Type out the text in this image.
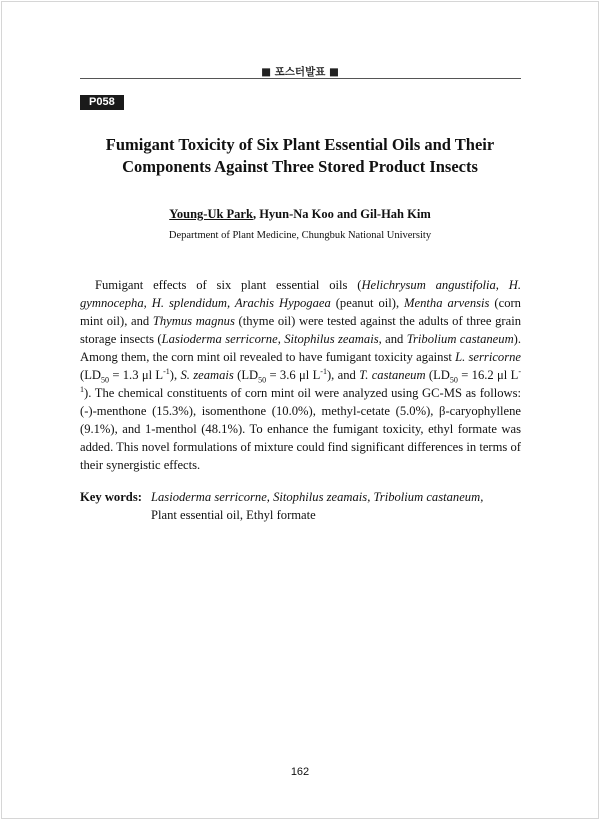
■ 포스터발표 ■
P058
Fumigant Toxicity of Six Plant Essential Oils and Their
Components Against Three Stored Product Insects
Young-Uk Park, Hyun-Na Koo and Gil-Hah Kim
Department of Plant Medicine, Chungbuk National University

Fumigant effects of six plant essential oils (Helichrysum angustifolia, H. gymnocepha, H. splendidum, Arachis Hypogaea (peanut oil), Mentha arvensis (corn mint oil), and Thymus magnus (thyme oil) were tested against the adults of three grain storage insects (Lasioderma serricorne, Sitophilus zeamais, and Tribolium castaneum). Among them, the corn mint oil revealed to have fumigant toxicity against L. serricorne ($LD_{50} = 1.3$ μl $L^{-1}$), S. zeamais ($LD_{50} = 3.6$ μl $L^{-1}$), and T. castaneum ($LD_{50} = 16.2$ μl $L^{-1}$). The chemical constituents of corn mint oil were analyzed using GC-MS as follows: (-)-menthone (15.3%), isomenthone (10.0%), methyl-cetate (5.0%), β-caryophyllene (9.1%), and 1-menthol (48.1%). To enhance the fumigant toxicity, ethyl formate was added. This novel formulations of mixture could find significant differences in terms of their synergistic effects.

Key words: Lasioderma serricorne, Sitophilus zeamais, Tribolium castaneum,
Plant essential oil, Ethyl formate
162
